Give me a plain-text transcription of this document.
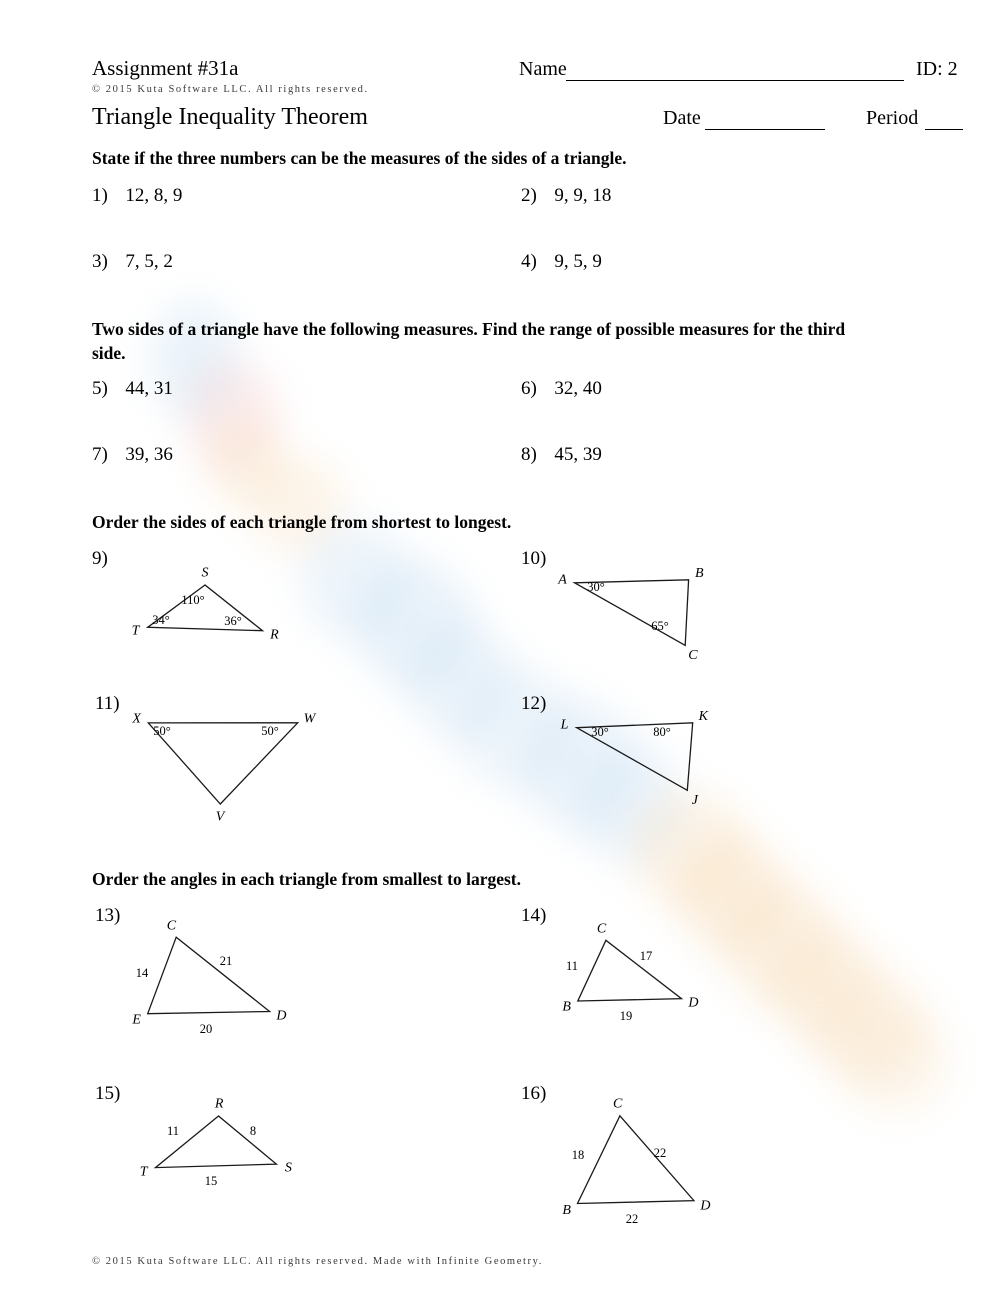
Assignment #31a
© 2015 Kuta Software LLC. All rights reserved.
Triangle Inequality Theorem
Name	ID: 2
Date	Period
State if the three numbers can be the measures of the sides of a triangle.
Two sides of a triangle have the following measures. Find the range of possible measures for the third side.
Order the sides of each triangle from shortest to longest.
Order the angles in each triangle from smallest to largest.
1) 12, 8, 9	2) 9, 9, 18
3) 7, 5, 2	4) 9, 5, 9
5) 44, 31	6) 32, 40
7) 39, 36	8) 45, 39
9)
S
T	R
110°
34°	36°
10)
A	B
C
30°
65°
11)
X	W
V
50°	50°
12)
L
K
J
30°	80°
13)
C
E	D
14
21
20
14)
C
B	D
11
17
19
15)	R
T	S
11	8
15
16)	C
B	D
18	22
22
© 2015 Kuta Software LLC. All rights reserved. Made with Infinite Geometry.
